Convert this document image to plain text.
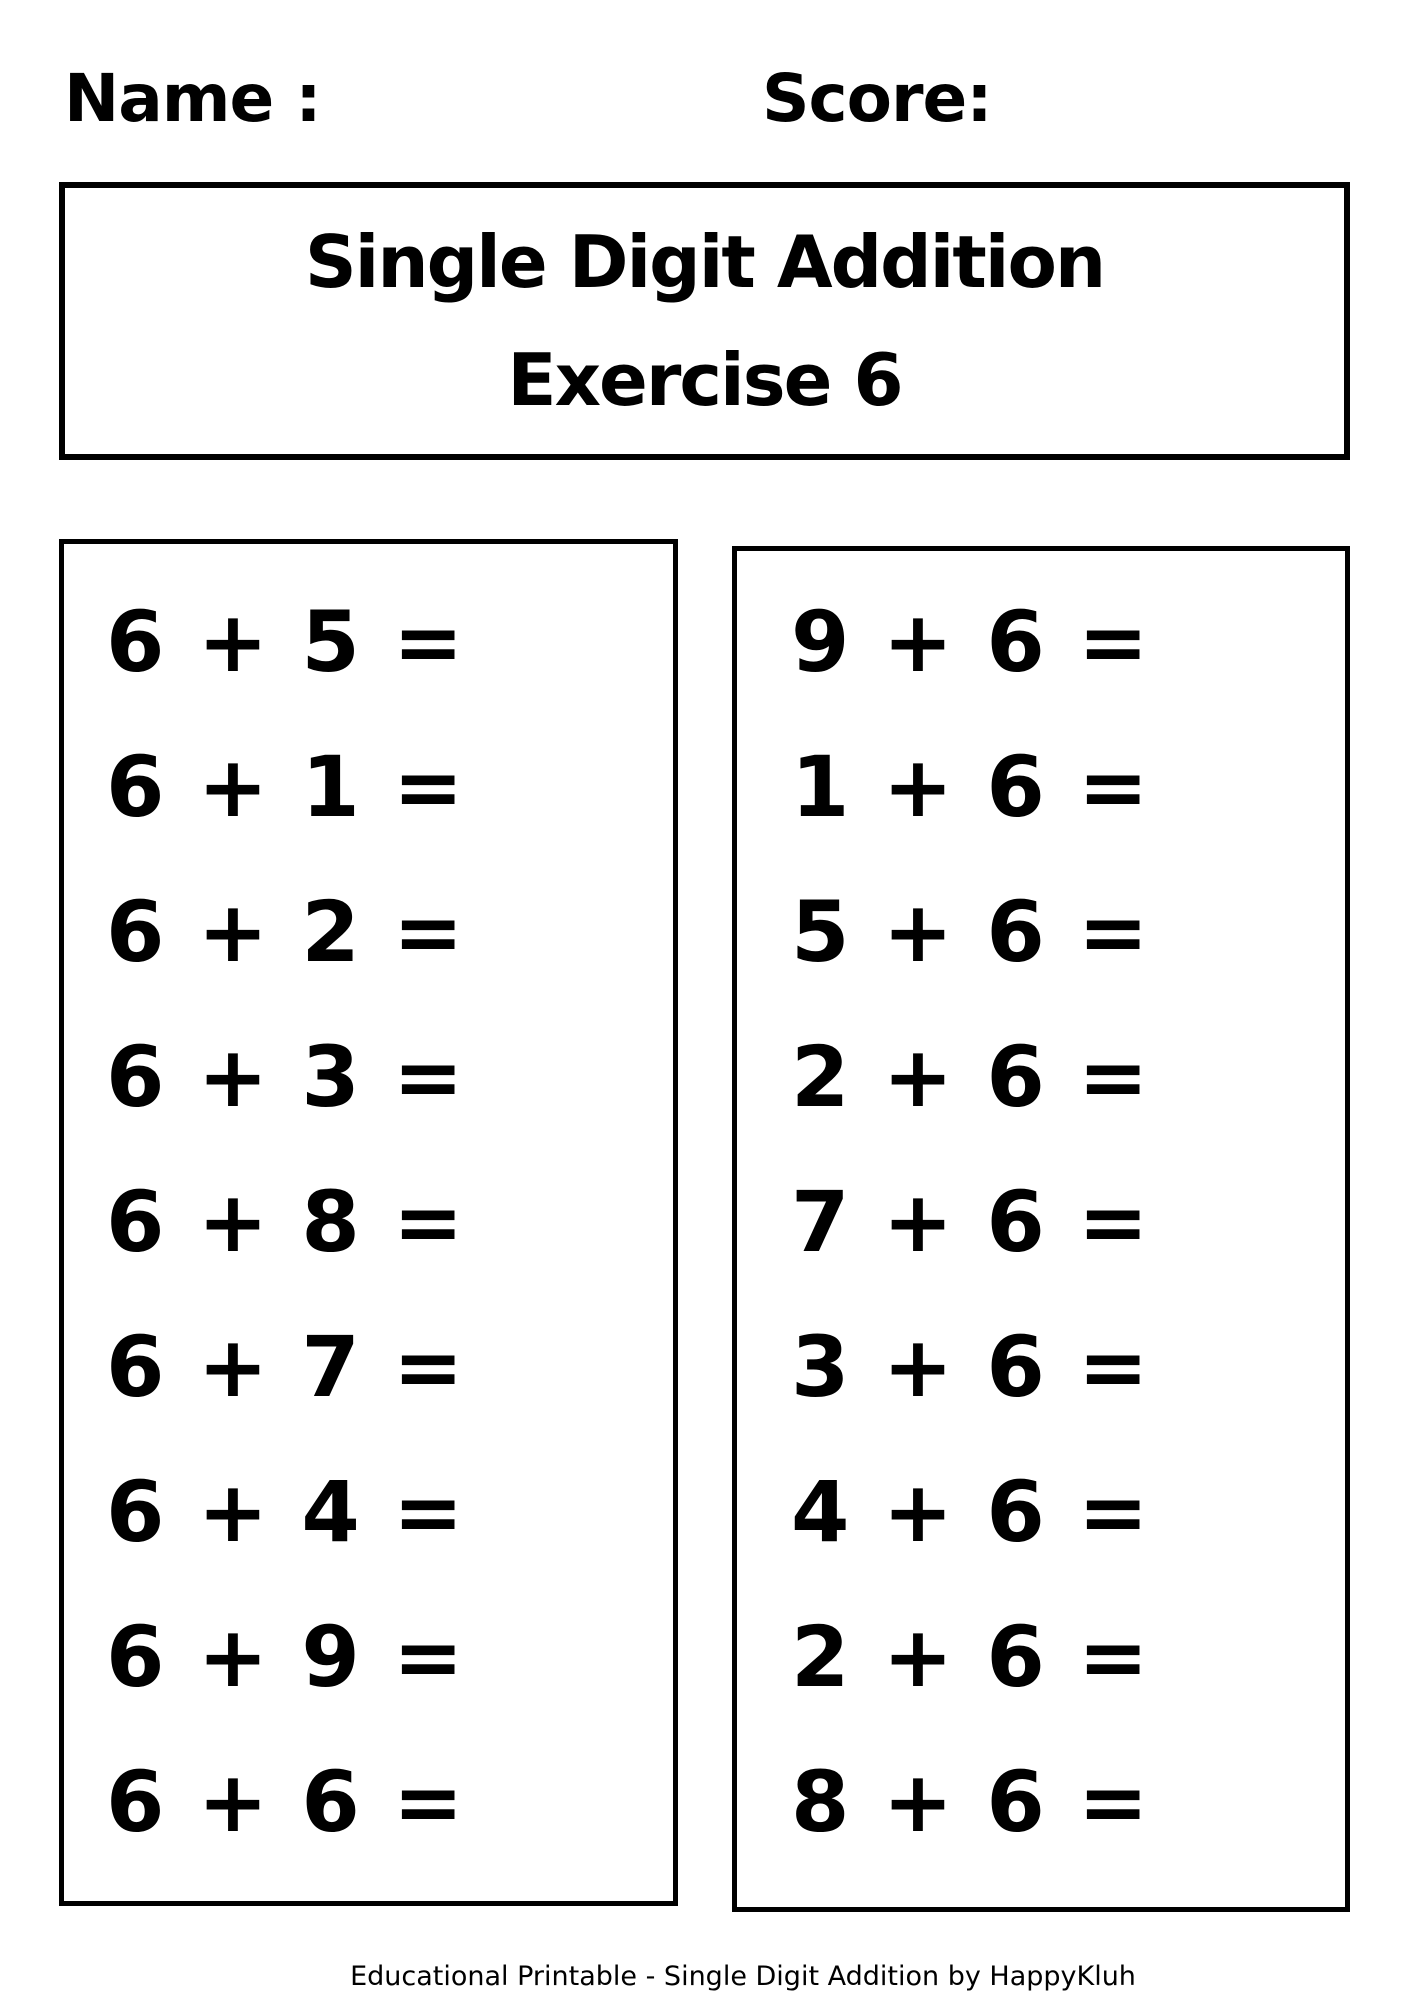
Name :	Score:
Single Digit Addition
Exercise 6
6 + 5 =
6 + 1 =
6 + 2 =
6 + 3 =
6 + 8 =
6 + 7 =
6 + 4 =
6 + 9 =
6 + 6 =
9 + 6 =
1 + 6 =
5 + 6 =
2 + 6 =
7 + 6 =
3 + 6 =
4 + 6 =
2 + 6 =
8 + 6 =
Educational Printable - Single Digit Addition by HappyKluh
